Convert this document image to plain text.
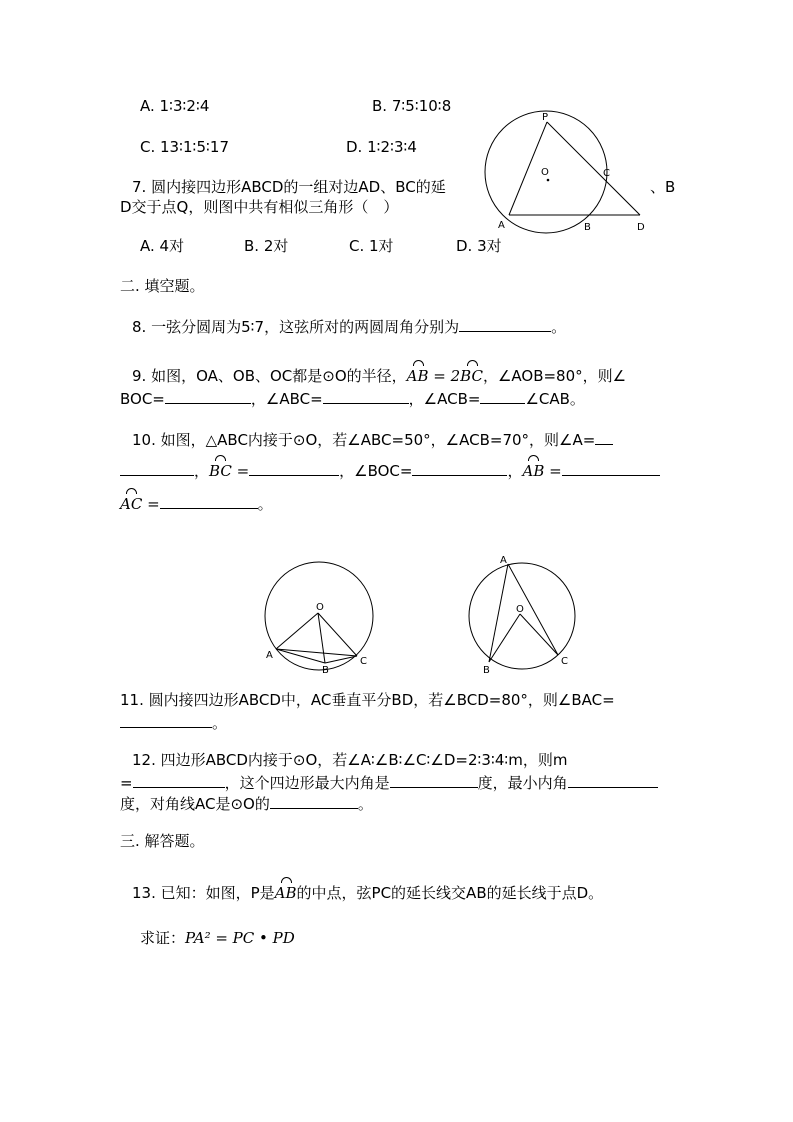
A. 1∶3∶2∶4	B. 7∶5∶10∶8
C. 13∶1∶5∶17	D. 1∶2∶3∶4
7. 圆内接四边形ABCD的一组对边AD、BC的延	、B
D交于点Q，则图中共有相似三角形（　）
A. 4对	B. 2对	C. 1对	D. 3对
P
O	C
A	B	D
二. 填空题。
8. 一弦分圆周为5∶7，这弦所对的两圆周角分别为	。
9. 如图，OA、OB、OC都是⊙O的半径，AB = 2BC，∠AOB=80°，则∠
BOC=	，∠ABC=	，∠ACB=	∠CAB。
10. 如图，△ABC内接于⊙O，若∠ABC=50°，∠ACB=70°，则∠A=
，BC =	，∠BOC=	，AB =
AC =	。
O
A
B
C
A
O
B
C
11. 圆内接四边形ABCD中，AC垂直平分BD，若∠BCD=80°，则∠BAC=
。
12. 四边形ABCD内接于⊙O，若∠A∶∠B∶∠C∶∠D=2∶3∶4∶m，则m
=	，这个四边形最大内角是	度，最小内角
度，对角线AC是⊙O的	。
三. 解答题。
13. 已知：如图，P是AB的中点，弦PC的延长线交AB的延长线于点D。
求证：PA² = PC • PD
